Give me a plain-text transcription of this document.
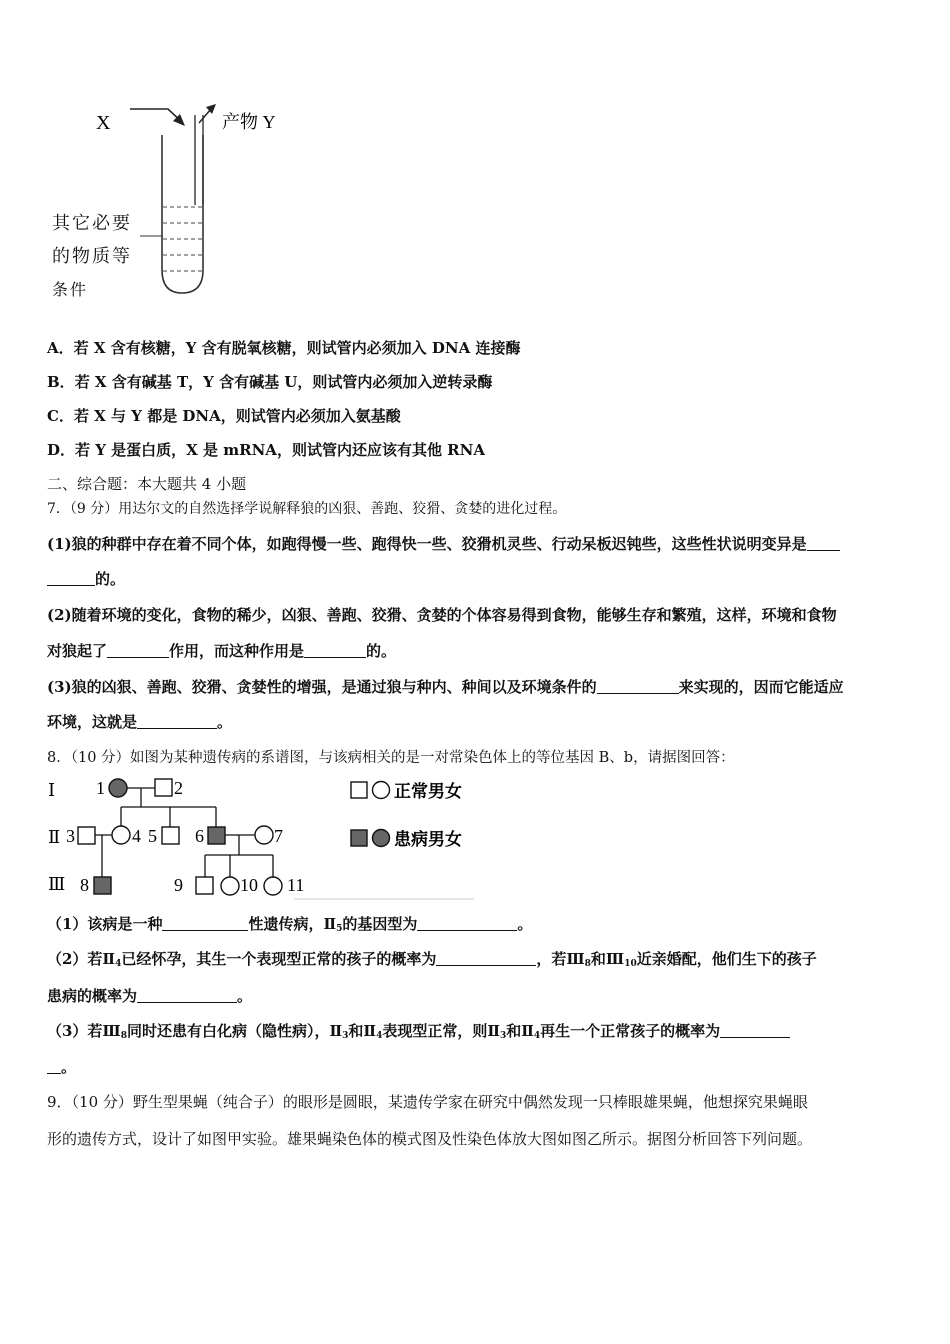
X	产物 Y
其它必要
的物质等
条件
A．若 X 含有核糖，Y 含有脱氧核糖，则试管内必须加入 DNA 连接酶
B．若 X 含有碱基 T，Y 含有碱基 U，则试管内必须加入逆转录酶
C．若 X 与 Y 都是 DNA，则试管内必须加入氨基酸
D．若 Y 是蛋白质，X 是 mRNA，则试管内还应该有其他 RNA
二、综合题：本大题共 4 小题
7．（9 分）用达尔文的自然选择学说解释狼的凶狠、善跑、狡猾、贪婪的进化过程。
(1)狼的种群中存在着不同个体，如跑得慢一些、跑得快一些、狡猾机灵些、行动呆板迟钝些，这些性状说明变异是
的。
(2)随着环境的变化，食物的稀少，凶狠、善跑、狡猾、贪婪的个体容易得到食物，能够生存和繁殖，这样，环境和食物
对狼起了	作用，而这种作用是	的。
(3)狼的凶狠、善跑、狡猾、贪婪性的增强，是通过狼与种内、种间以及环境条件的	来实现的，因而它能适应
环境，这就是	。
8．（10 分）如图为某种遗传病的系谱图，与该病相关的是一对常染色体上的等位基因 B、b，请据图回答：
Ⅰ
Ⅱ
Ⅲ
1	2
3	4 5 6	7
8	9	10 11
正常男女
患病男女
（1）该病是一种	性遗传病，$Ⅱ_5$的基因型为	。
（2）若$Ⅱ_4$已经怀孕，其生一个表现型正常的孩子的概率为	，若$Ⅲ_8$和$Ⅲ_{10}$近亲婚配，他们生下的孩子
患病的概率为	。
（3）若$Ⅲ_8$同时还患有白化病（隐性病），$Ⅱ_3$和$Ⅱ_4$表现型正常，则$Ⅱ_3$和$Ⅱ_4$再生一个正常孩子的概率为
。
9．（10 分）野生型果蝇（纯合子）的眼形是圆眼，某遗传学家在研究中偶然发现一只棒眼雄果蝇，他想探究果蝇眼
形的遗传方式，设计了如图甲实验。雄果蝇染色体的模式图及性染色体放大图如图乙所示。据图分析回答下列问题。
